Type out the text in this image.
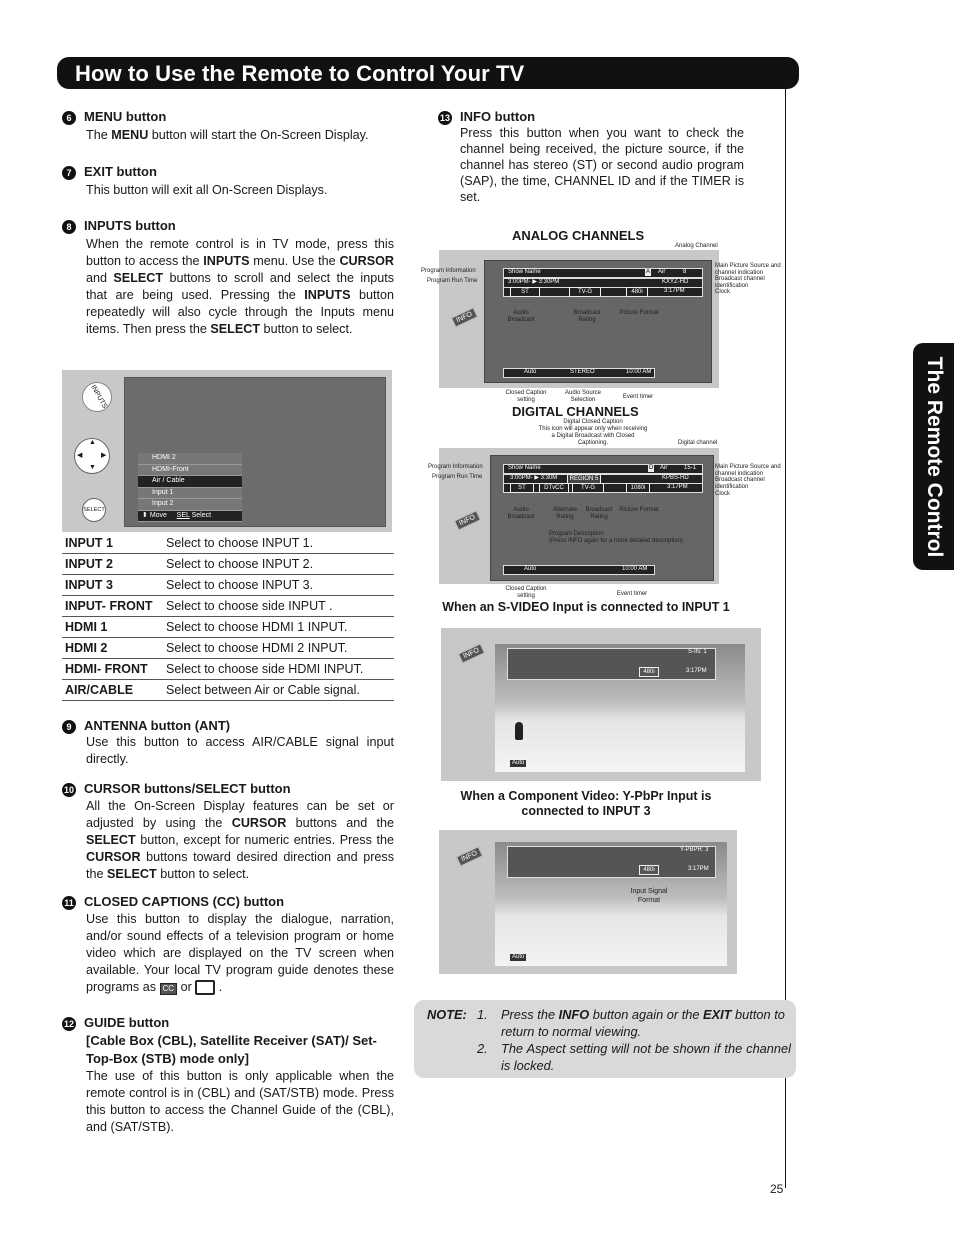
How to Use the Remote to Control Your TV
The Remote Control
25
6 MENU button
The MENU button will start the On-Screen Display.
7 EXIT button
This button will exit all On-Screen Displays.
8 INPUTS button
When the remote control is in TV mode, press this button to access the INPUTS menu. Use the CURSOR and SELECT buttons to scroll and select the inputs that are being used. Pressing the INPUTS button repeatedly will also cycle through the Inputs menu items. Then press the SELECT button to select.
INPUTS
▲
▼
◀	▶
SELECT
HDMI 2
HDMI-Front
Air / Cable
Input 1
Input 2
⬍ Move SEL Select
INPUT 1	Select to choose INPUT 1.
INPUT 2	Select to choose INPUT 2.
INPUT 3	Select to choose INPUT 3.
INPUT- FRONT	Select to choose side INPUT .
HDMI 1	Select to choose HDMI 1 INPUT.
HDMI 2	Select to choose HDMI 2 INPUT.
HDMI- FRONT	Select to choose side HDMI INPUT.
AIR/CABLE	Select between Air or Cable signal.
9 ANTENNA button (ANT)
Use this button to access AIR/CABLE signal input directly.
10 CURSOR buttons/SELECT button
All the On-Screen Display features can be set or adjusted by using the CURSOR buttons and the SELECT button, except for numeric entries. Press the CURSOR buttons toward desired direction and press the SELECT button to select.
11 CLOSED CAPTIONS (CC) button
Use this button to display the dialogue, narration, and/or sound effects of a television program or home video which are displayed on the TV screen when available. Your local TV program guide denotes these programs as CC or .
12 GUIDE button
[Cable Box (CBL), Satellite Receiver (SAT)/ Set-Top-Box (STB) mode only]
The use of this button is only applicable when the remote control is in (CBL) and (SAT/STB) mode. Press this button to access the Channel Guide of the (CBL), and (SAT/STB).
13 INFO button
Press this button when you want to check the channel being received, the picture source, if the channel has stereo (ST) or second audio program (SAP), the time, CHANNEL ID and if the TIMER is set.
ANALOG CHANNELS
Show Name	A Air	8
3:00PM- ▶ 3:30PM	KXYZ-HD
ST	TV-G	480i	3:17PM
Auto	STEREO	10:00 AM
INFO
Program Information
Program Run Time
Analog Channel
Main Picture Source and channel indication
Broadcast channel identification
Clock
Audio Broadcast
Broadcast Rating
Picture Format
Closed Caption setting
Audio Source Selection	Event timer
DIGITAL CHANNELS
Digital Closed Caption
This icon will appear only when receiving a Digital Broadcast with Closed Captioning.	Digital channel
Show Name	D Air	15-1
3:00PM- ▶ 3:30M	REGION 5	KPBS-HD
ST	DTvCC	TV-G	1080i	3:17PM
Auto	10:00 AM
INFO
Program Information
Program Run Time
Main Picture Source and channel indication
Broadcast channel identification
Clock
Audio Broadcast
Alternate Rating
Broadcast Rating
Picture Format
Program Description
(Press INFO again for a more detailed description)
Closed Caption setting	Event timer
When an S-VIDEO Input is connected to INPUT 1
S-IN: 1
480i	3:17PM
Auto
INFO
When a Component Video: Y-PbPr Input is connected to INPUT 3
Y-PBPR: 3
480i	3:17PM
Input Signal Format
Auto
INFO
NOTE: 1. Press the INFO button again or the EXIT button to return to normal viewing.
2. The Aspect setting will not be shown if the channel is locked.
